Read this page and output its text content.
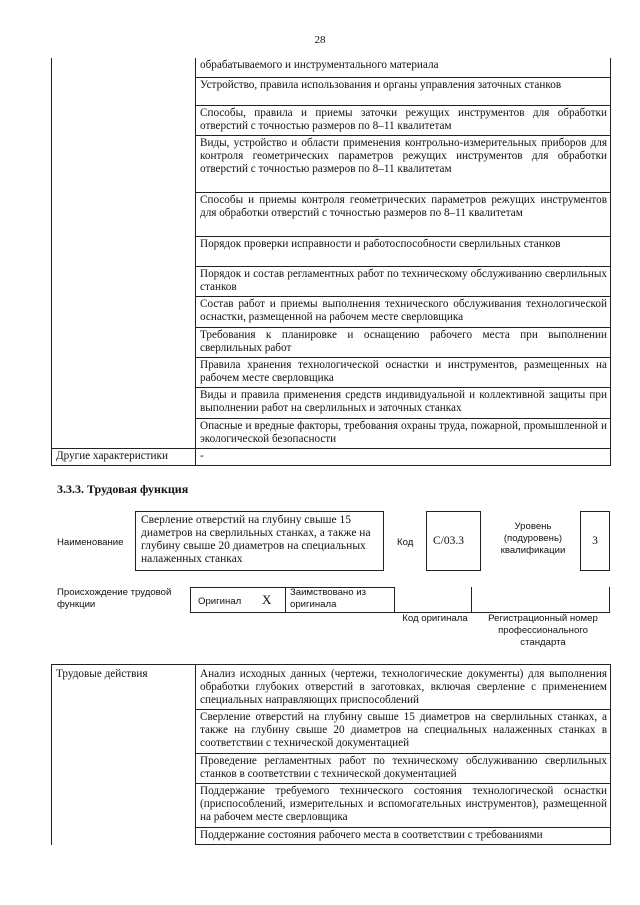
28
	обрабатываемого и инструментального материала
	Устройство, правила использования и органы управления заточных станков
	Способы, правила и приемы заточки режущих инструментов для обработки отверстий с точностью размеров по 8–11 квалитетам
	Виды, устройство и области применения контрольно-измерительных приборов для контроля геометрических параметров режущих инструментов для обработки отверстий с точностью размеров по 8–11 квалитетам
	Способы и приемы контроля геометрических параметров режущих инструментов для обработки отверстий с точностью размеров по 8–11 квалитетам
	Порядок проверки исправности и работоспособности сверлильных станков
	Порядок и состав регламентных работ по техническому обслуживанию сверлильных станков
	Состав работ и приемы выполнения технического обслуживания технологической оснастки, размещенной на рабочем месте сверловщика
	Требования к планировке и оснащению рабочего места при выполнении сверлильных работ
	Правила хранения технологической оснастки и инструментов, размещенных на рабочем месте сверловщика
	Виды и правила применения средств индивидуальной и коллективной защиты при выполнении работ на сверлильных и заточных станках
	Опасные и вредные факторы, требования охраны труда, пожарной, промышленной и экологической безопасности
Другие характеристики	-
3.3.3. Трудовая функция
Наименование
Сверление отверстий на глубину свыше 15 диаметров на сверлильных станках, а также на глубину свыше 20 диаметров на специальных налаженных станках
Код	С/03.3
Уровень (подуровень) квалификации
3
Происхождение трудовой функции	Оригинал X Заимствовано из оригинала
Код оригинала	Регистрационный номер профессионального стандарта
Трудовые действия	Анализ исходных данных (чертежи, технологические документы) для выполнения обработки глубоких отверстий в заготовках, включая сверление с применением специальных направляющих приспособлений
Сверление отверстий на глубину свыше 15 диаметров на сверлильных станках, а также на глубину свыше 20 диаметров на специальных налаженных станках в соответствии с технической документацией
Проведение регламентных работ по техническому обслуживанию сверлильных станков в соответствии с технической документацией
Поддержание требуемого технического состояния технологической оснастки (приспособлений, измерительных и вспомогательных инструментов), размещенной на рабочем месте сверловщика
Поддержание состояния рабочего места в соответствии с требованиями
